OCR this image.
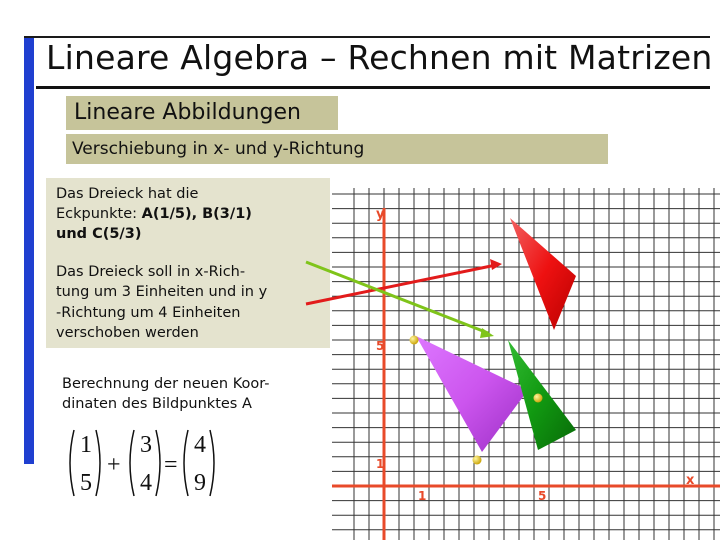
Lineare Algebra – Rechnen mit Matrizen
Lineare Abbildungen
Verschiebung in x- und y-Richtung
Das Dreieck hat die
Eckpunkte: A(1/5), B(3/1)
und C(5/3)
Das Dreieck soll in x-Rich-
tung um 3 Einheiten und in y
-Richtung um 4 Einheiten
verschoben werden
Berechnung der neuen Koor-
dinaten des Bildpunktes A
1
5
+
3
4
=
4
9
y
x
5
1
1	5
